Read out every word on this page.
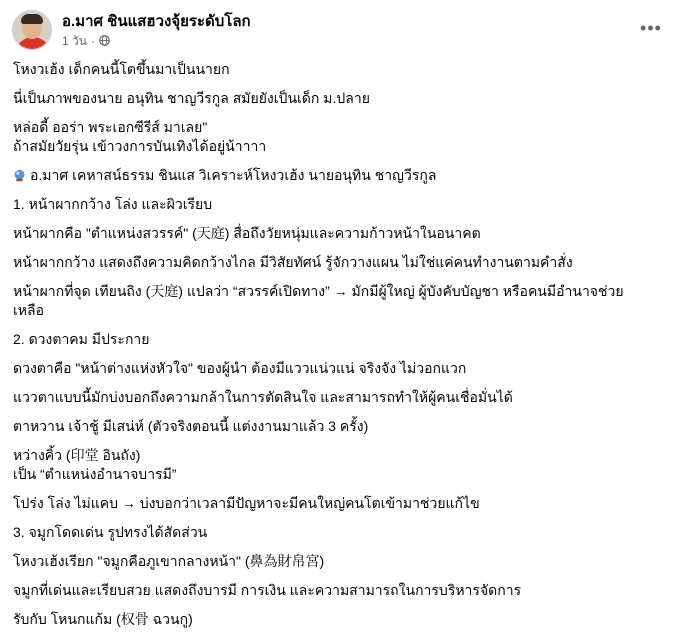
อ.มาศ ชินแสฮวงจุ้ยระดับโลก
1 วัน ·
•••
โหงวเฮ้ง เด็กคนนี้โตขึ้นมาเป็นนายก
นี่เป็นภาพของนาย อนุทิน ชาญวีรกูล สมัยยังเป็นเด็ก ม.ปลาย
หล่อดี้ ออร่า พระเอกซีรีส์ มาเลย"
ถ้าสมัยวัยรุ่น เข้าวงการบันเทิงได้อยู่น้าาาา
อ.มาศ เคหาสน์ธรรม ชินแส วิเคราะห์โหงวเฮ้ง นายอนุทิน ชาญวีรกูล
1. หน้าผากกว้าง โล่ง และผิวเรียบ
หน้าผากคือ "ตำแหน่งสวรรค์" (天庭) สื่อถึงวัยหนุ่มและความก้าวหน้าในอนาคต
หน้าผากกว้าง แสดงถึงความคิดกว้างไกล มีวิสัยทัศน์ รู้จักวางแผน ไม่ใช่แค่คนทำงานตามคำสั่ง
หน้าผากที่จุด เทียนถิง (天庭) แปลว่า “สวรรค์เปิดทาง” → มักมีผู้ใหญ่ ผู้บังคับบัญชา หรือคนมีอำนาจช่วย
เหลือ
2. ดวงตาคม มีประกาย
ดวงตาคือ "หน้าต่างแห่งหัวใจ" ของผู้นำ ต้องมีแววแน่วแน่ จริงจัง ไม่วอกแวก
แววตาแบบนี้มักบ่งบอกถึงความกล้าในการตัดสินใจ และสามารถทำให้ผู้คนเชื่อมั่นได้
ตาหวาน เจ้าชู้ มีเสน่ห์ (ตัวจริงตอนนี้ แต่งงานมาแล้ว 3 ครั้ง)
หว่างคิ้ว (印堂 อินถัง)
เป็น “ตำแหน่งอำนาจบารมี”
โปร่ง โล่ง ไม่แคบ → บ่งบอกว่าเวลามีปัญหาจะมีคนใหญ่คนโตเข้ามาช่วยแก้ไข
3. จมูกโดดเด่น รูปทรงได้สัดส่วน
โหงวเฮ้งเรียก "จมูกคือภูเขากลางหน้า" (鼻為財帛宮)
จมูกที่เด่นและเรียบสวย แสดงถึงบารมี การเงิน และความสามารถในการบริหารจัดการ
รับกับ โหนกแก้ม (权骨 ฉวนกู)
